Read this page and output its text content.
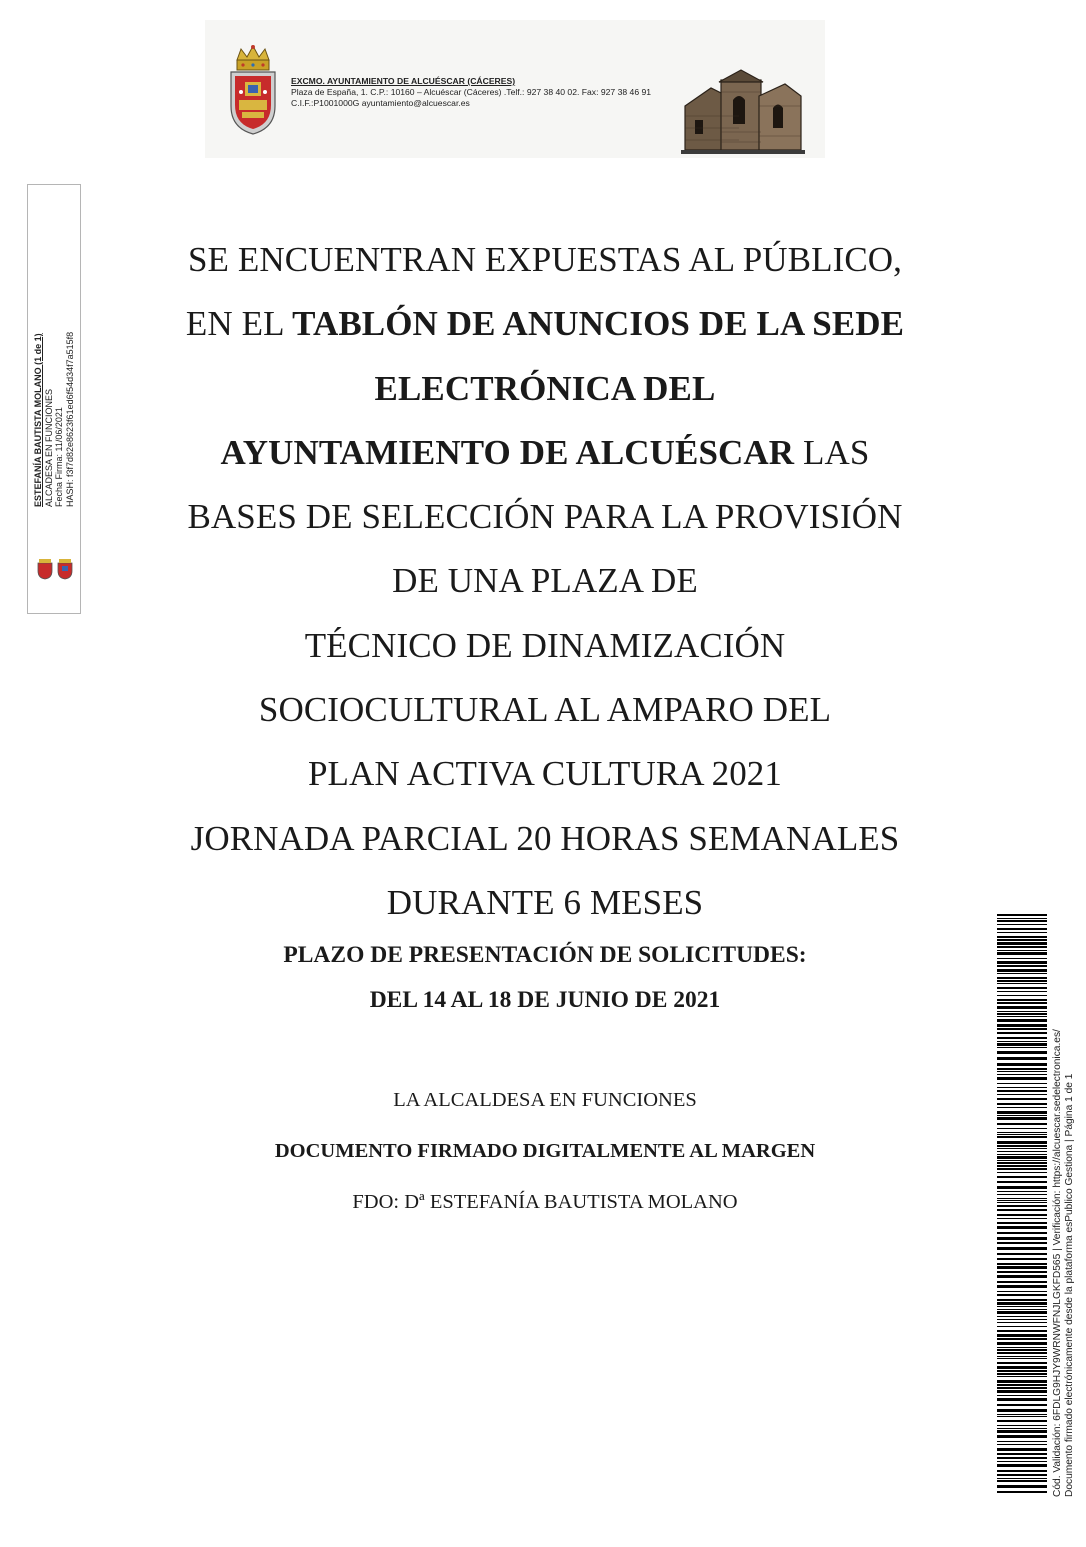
EXCMO. AYUNTAMIENTO DE ALCUÉSCAR (CÁCERES)
Plaza de España, 1. C.P.: 10160 – Alcuéscar (Cáceres) .Telf.: 927 38 40 02. Fax: 927 38 46 91
C.I.F.:P1001000G ayuntamiento@alcuescar.es
ESTEFANÍA BAUTISTA MOLANO (1 de 1) ALCADESA EN FUNCIONES Fecha Firma: 11/06/2021 HASH: f3f7d82e8623f61ed6f54d34f7a515f8
SE ENCUENTRAN EXPUESTAS AL PÚBLICO,
EN EL TABLÓN DE ANUNCIOS DE LA SEDE
ELECTRÓNICA DEL
AYUNTAMIENTO DE ALCUÉSCAR LAS
BASES DE SELECCIÓN PARA LA PROVISIÓN
DE UNA PLAZA DE
TÉCNICO DE DINAMIZACIÓN
SOCIOCULTURAL AL AMPARO DEL
PLAN ACTIVA CULTURA 2021
JORNADA PARCIAL 20 HORAS SEMANALES
DURANTE 6 MESES
PLAZO DE PRESENTACIÓN DE SOLICITUDES:
DEL 14 AL 18 DE JUNIO DE 2021
LA ALCALDESA EN FUNCIONES
DOCUMENTO FIRMADO DIGITALMENTE AL MARGEN
FDO: Dª ESTEFANÍA BAUTISTA MOLANO	Cód. Validación: 6FDLG9HJY9WRNWFNJLGKFD565 | Verificación: https://alcuescar.sedelectronica.es/ Documento firmado electrónicamente desde la plataforma esPublico Gestiona | Página 1 de 1
